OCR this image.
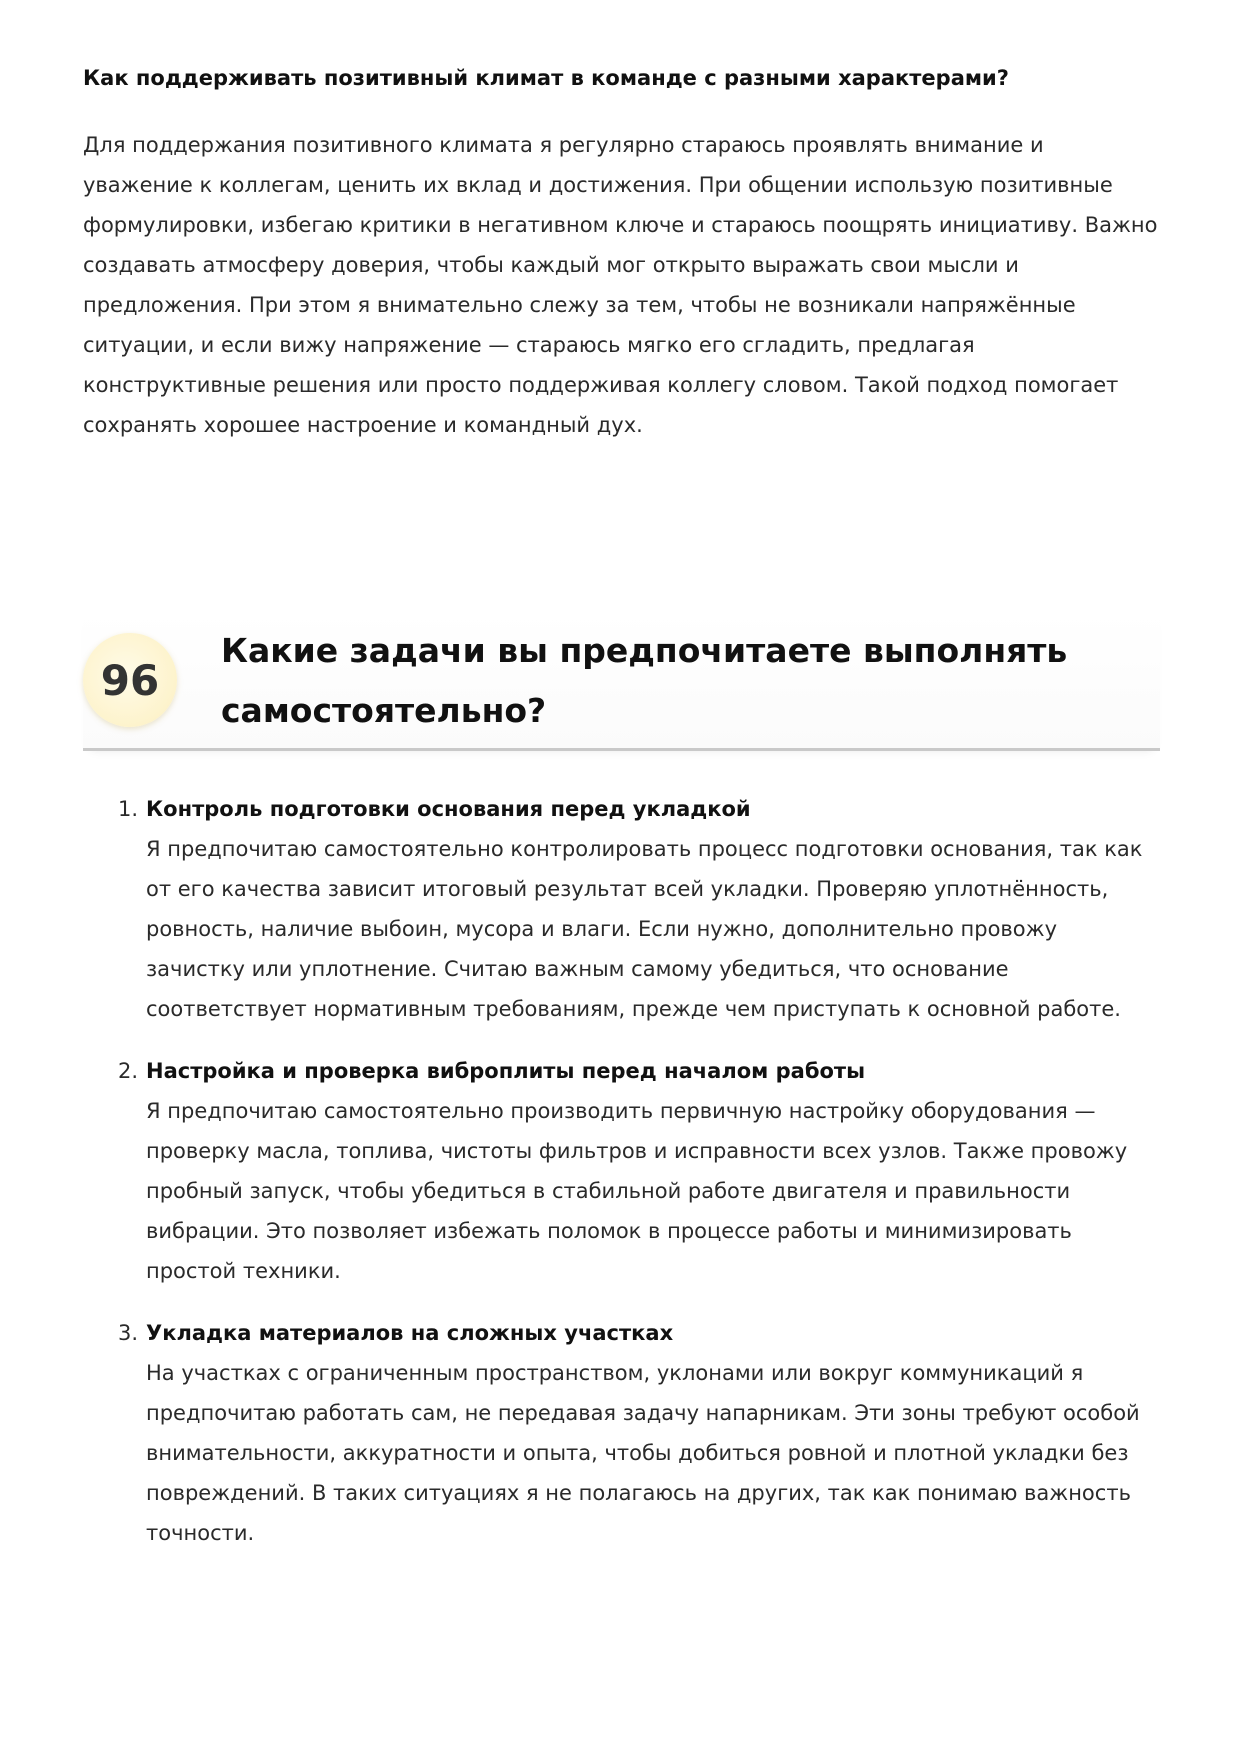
Как поддерживать позитивный климат в команде с разными характерами?

Для поддержания позитивного климата я регулярно стараюсь проявлять внимание и уважение к коллегам, ценить их вклад и достижения. При общении использую позитивные формулировки, избегаю критики в негативном ключе и стараюсь поощрять инициативу. Важно создавать атмосферу доверия, чтобы каждый мог открыто выражать свои мысли и предложения. При этом я внимательно слежу за тем, чтобы не возникали напряжённые ситуации, и если вижу напряжение — стараюсь мягко его сгладить, предлагая конструктивные решения или просто поддерживая коллегу словом. Такой подход помогает сохранять хорошее настроение и командный дух.

96
Какие задачи вы предпочитаете выполнять самостоятельно?
1. Контроль подготовки основания перед укладкой
Я предпочитаю самостоятельно контролировать процесс подготовки основания, так как от его качества зависит итоговый результат всей укладки. Проверяю уплотнённость, ровность, наличие выбоин, мусора и влаги. Если нужно, дополнительно провожу зачистку или уплотнение. Считаю важным самому убедиться, что основание соответствует нормативным требованиям, прежде чем приступать к основной работе.
2. Настройка и проверка виброплиты перед началом работы
Я предпочитаю самостоятельно производить первичную настройку оборудования — проверку масла, топлива, чистоты фильтров и исправности всех узлов. Также провожу пробный запуск, чтобы убедиться в стабильной работе двигателя и правильности вибрации. Это позволяет избежать поломок в процессе работы и минимизировать простой техники.
3. Укладка материалов на сложных участках
На участках с ограниченным пространством, уклонами или вокруг коммуникаций я предпочитаю работать сам, не передавая задачу напарникам. Эти зоны требуют особой внимательности, аккуратности и опыта, чтобы добиться ровной и плотной укладки без повреждений. В таких ситуациях я не полагаюсь на других, так как понимаю важность точности.
